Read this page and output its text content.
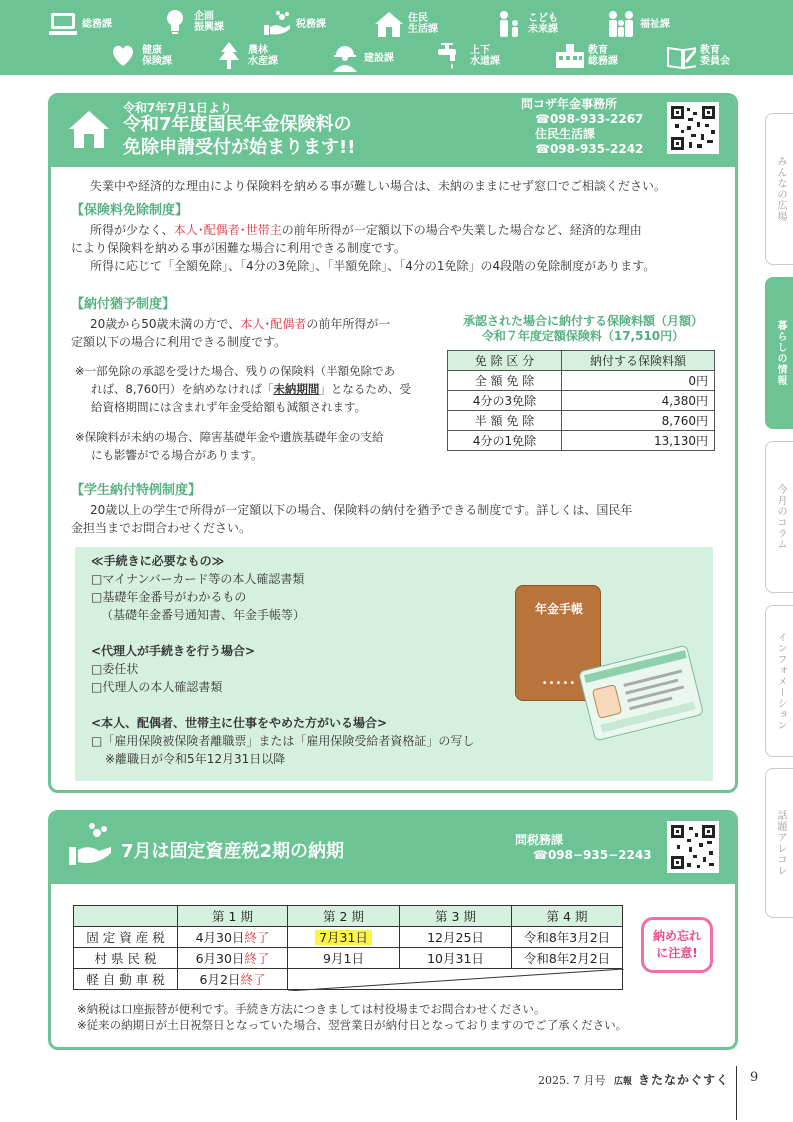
総務課
企画
振興課	税務課	住民
生活課
こども
未来課	福祉課
健康
保険課
農林
水産課	建設課
上下
水道課
教育
総務課
教育
委員会
みんなの広場
暮らしの情報
今月のコラム
インフォメーション
話題アレコレ
令和7年7月1日より
令和7年度国民年金保険料の
免除申請受付が始まります!!
問コザ年金事務所
☎098-933-2267
住民生活課
☎098-935-2242
失業中や経済的な理由により保険料を納める事が難しい場合は、未納のままにせず窓口でご相談ください。
【保険料免除制度】
所得が少なく、本人･配偶者･世帯主の前年所得が一定額以下の場合や失業した場合など、経済的な理由
により保険料を納める事が困難な場合に利用できる制度です。
所得に応じて「全額免除」、「4分の3免除」、「半額免除」、「4分の1免除」の4段階の免除制度があります。
【納付猶予制度】
20歳から50歳未満の方で、本人･配偶者の前年所得が一
定額以下の場合に利用できる制度です。
※一部免除の承認を受けた場合、残りの保険料（半額免除であ
れば、8,760円）を納めなければ「未納期間」となるため、受
給資格期間には含まれず年金受給額も減額されます。
※保険料が未納の場合、障害基礎年金や遺族基礎年金の支給
にも影響がでる場合があります。
承認された場合に納付する保険料額（月額）
令和７年度定額保険料（17,510円）
免 除 区 分	納付する保険料額
全 額 免 除	0円
4分の3免除	4,380円
半 額 免 除	8,760円
4分の1免除	13,130円
【学生納付特例制度】
20歳以上の学生で所得が一定額以下の場合、保険料の納付を猶予できる制度です。詳しくは、国民年
金担当までお問合わせください。
≪手続きに必要なもの≫
□マイナンバーカード等の本人確認書類
□基礎年金番号がわかるもの
（基礎年金番号通知書、年金手帳等）
<代理人が手続きを行う場合>
□委任状
□代理人の本人確認書類
<本人、配偶者、世帯主に仕事をやめた方がいる場合>
□「雇用保険被保険者離職票」または「雇用保険受給者資格証」の写し
※離職日が令和5年12月31日以降
年金手帳
•••••
7月は固定資産税2期の納期
問税務課
☎098−935−2243
	第 1 期	第 2 期	第 3 期	第 4 期
固 定 資 産 税	4月30日終了	7月31日	12月25日	令和8年3月2日
村 県 民 税	6月30日終了	9月1日	10月31日	令和8年2月2日
軽 自 動 車 税	6月2日終了	
納め忘れ
に注意!
※納税は口座振替が便利です。手続き方法につきましては村役場までお問合わせください。
※従来の納期日が土日祝祭日となっていた場合、翌営業日が納付日となっておりますのでご了承ください。
2025. 7 月号 広報 きたなかぐすく 9
